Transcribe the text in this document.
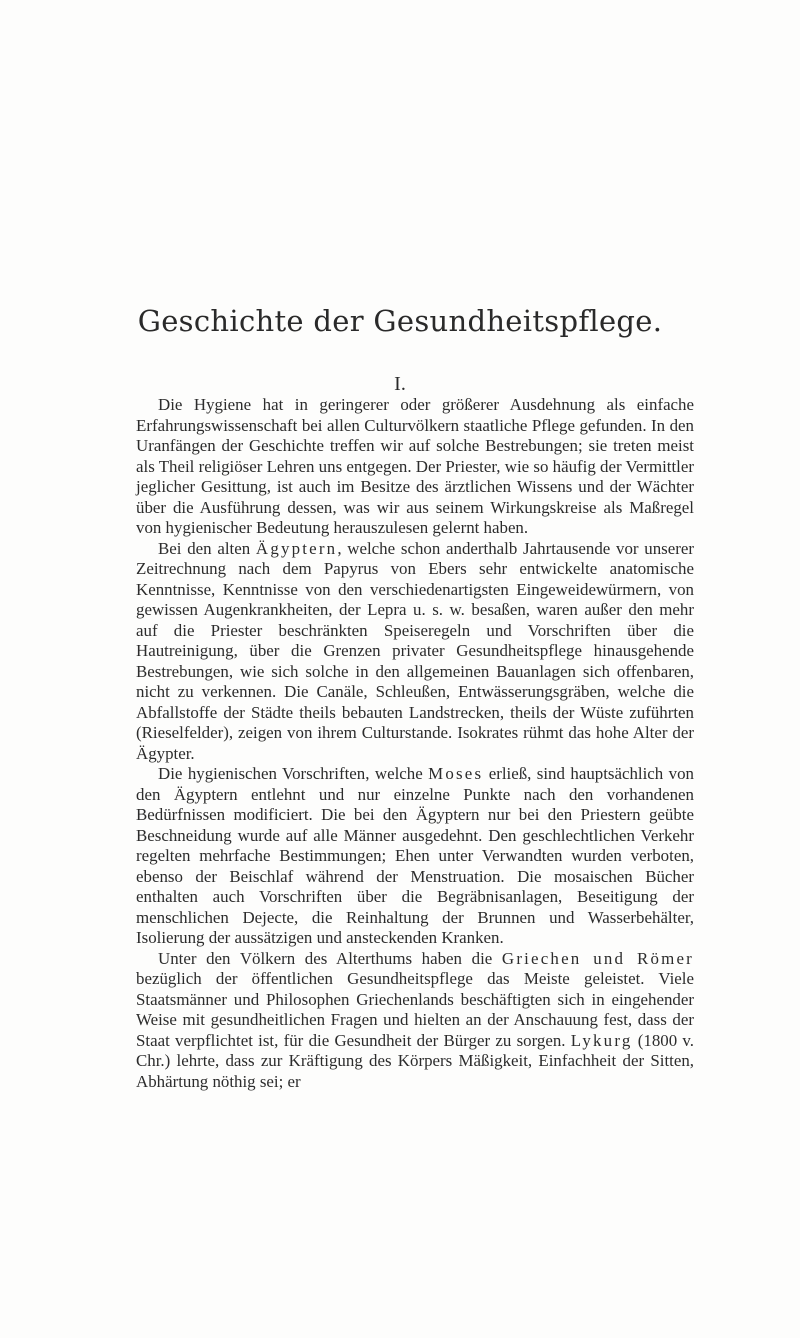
Geschichte der Gesundheitspflege.
I.

Die Hygiene hat in geringerer oder größerer Ausdehnung als einfache Erfahrungswissenschaft bei allen Culturvölkern staatliche Pflege gefunden. In den Uranfängen der Geschichte treffen wir auf solche Bestrebungen; sie treten meist als Theil religiöser Lehren uns entgegen. Der Priester, wie so häufig der Vermittler jeglicher Gesittung, ist auch im Besitze des ärztlichen Wissens und der Wächter über die Ausführung dessen, was wir aus seinem Wirkungskreise als Maßregel von hygienischer Bedeutung herauszulesen gelernt haben.

Bei den alten Ägyptern, welche schon anderthalb Jahrtausende vor unserer Zeitrechnung nach dem Papyrus von Ebers sehr entwickelte anatomische Kenntnisse, Kenntnisse von den verschiedenartigsten Eingeweidewürmern, von gewissen Augenkrankheiten, der Lepra u. s. w. besaßen, waren außer den mehr auf die Priester beschränkten Speiseregeln und Vorschriften über die Hautreinigung, über die Grenzen privater Gesundheitspflege hinausgehende Bestrebungen, wie sich solche in den allgemeinen Bauanlagen sich offenbaren, nicht zu verkennen. Die Canäle, Schleußen, Entwässerungsgräben, welche die Abfallstoffe der Städte theils bebauten Landstrecken, theils der Wüste zuführten (Rieselfelder), zeigen von ihrem Culturstande. Isokrates rühmt das hohe Alter der Ägypter.

Die hygienischen Vorschriften, welche Moses erließ, sind hauptsächlich von den Ägyptern entlehnt und nur einzelne Punkte nach den vorhandenen Bedürfnissen modificiert. Die bei den Ägyptern nur bei den Priestern geübte Beschneidung wurde auf alle Männer ausgedehnt. Den geschlechtlichen Verkehr regelten mehrfache Bestimmungen; Ehen unter Verwandten wurden verboten, ebenso der Beischlaf während der Menstruation. Die mosaischen Bücher enthalten auch Vorschriften über die Begräbnisanlagen, Beseitigung der menschlichen Dejecte, die Reinhaltung der Brunnen und Wasserbehälter, Isolierung der aussätzigen und ansteckenden Kranken.

Unter den Völkern des Alterthums haben die Griechen und Römer bezüglich der öffentlichen Gesundheitspflege das Meiste geleistet. Viele Staatsmänner und Philosophen Griechenlands beschäftigten sich in eingehender Weise mit gesundheitlichen Fragen und hielten an der Anschauung fest, dass der Staat verpflichtet ist, für die Gesundheit der Bürger zu sorgen. Lykurg (1800 v. Chr.) lehrte, dass zur Kräftigung des Körpers Mäßigkeit, Einfachheit der Sitten, Abhärtung nöthig sei; er
